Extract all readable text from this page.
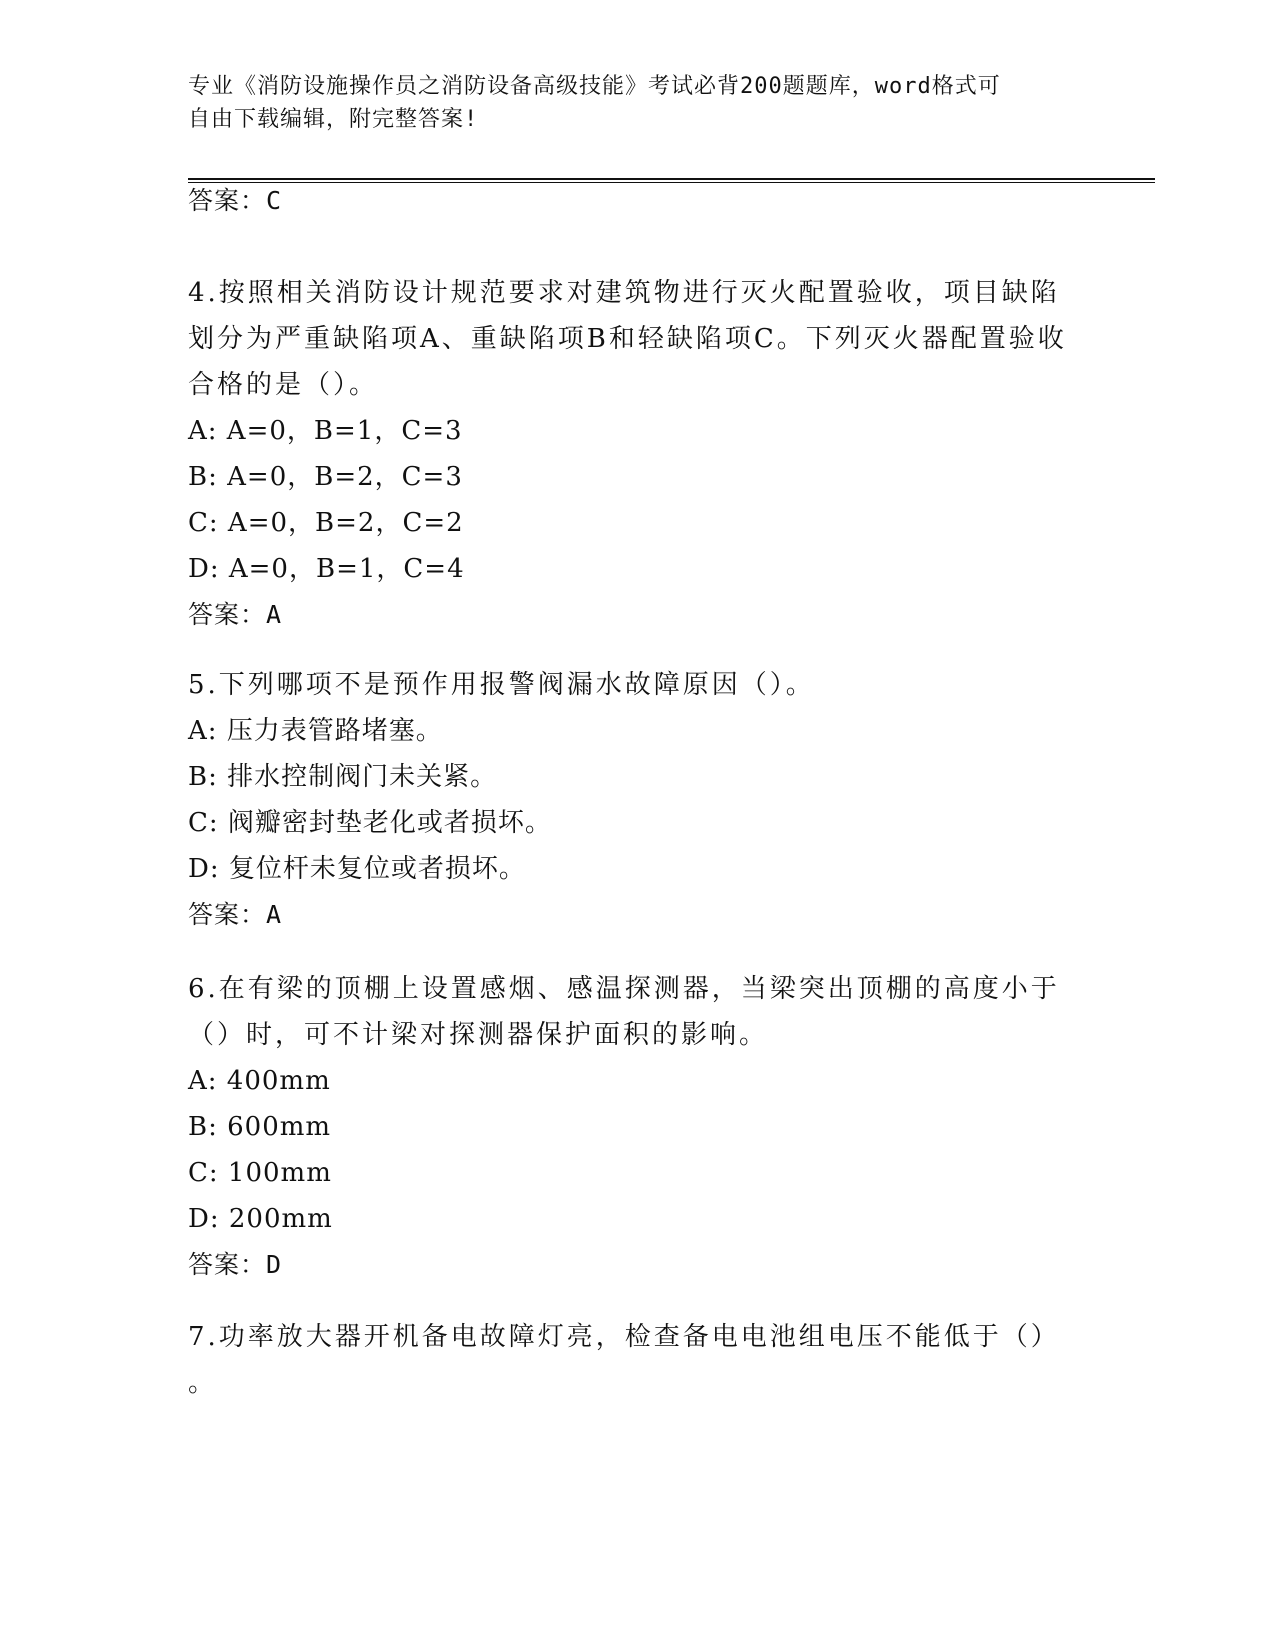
专业《消防设施操作员之消防设备高级技能》考试必背200题题库，word格式可
自由下载编辑，附完整答案!
答案：C
4.按照相关消防设计规范要求对建筑物进行灭火配置验收，项目缺陷
划分为严重缺陷项A、重缺陷项B和轻缺陷项C。下列灭火器配置验收
合格的是（）。
A: A=0，B=1，C=3
B: A=0，B=2，C=3
C: A=0，B=2，C=2
D: A=0，B=1，C=4
答案：A
5.下列哪项不是预作用报警阀漏水故障原因（）。
A: 压力表管路堵塞。
B: 排水控制阀门未关紧。
C: 阀瓣密封垫老化或者损坏。
D: 复位杆未复位或者损坏。
答案：A
6.在有梁的顶棚上设置感烟、感温探测器，当梁突出顶棚的高度小于
（）时，可不计梁对探测器保护面积的影响。
A: 400mm
B: 600mm
C: 100mm
D: 200mm
答案：D
7.功率放大器开机备电故障灯亮，检查备电电池组电压不能低于（）
。
